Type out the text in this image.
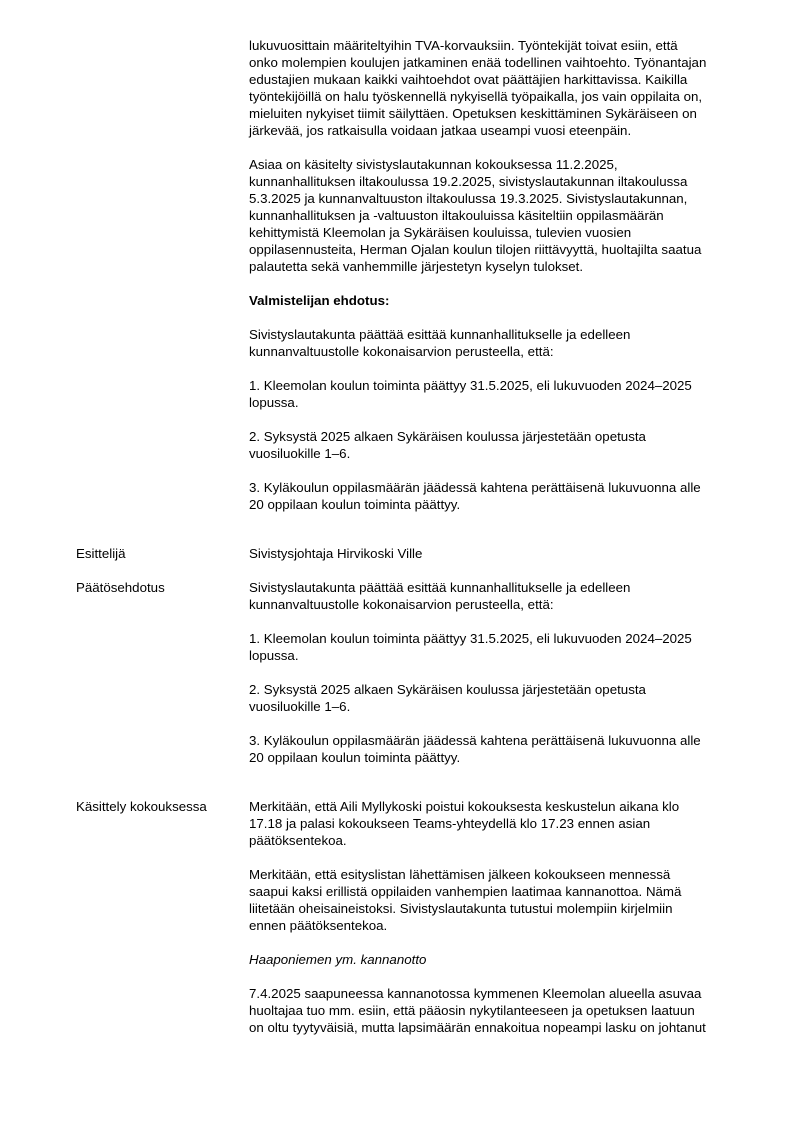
lukuvuosittain määriteltyihin TVA-korvauksiin. Työntekijät toivat esiin, että
onko molempien koulujen jatkaminen enää todellinen vaihtoehto. Työnantajan
edustajien mukaan kaikki vaihtoehdot ovat päättäjien harkittavissa. Kaikilla
työntekijöillä on halu työskennellä nykyisellä työpaikalla, jos vain oppilaita on,
mieluiten nykyiset tiimit säilyttäen. Opetuksen keskittäminen Sykäräiseen on
järkevää, jos ratkaisulla voidaan jatkaa useampi vuosi eteenpäin.
Asiaa on käsitelty sivistyslautakunnan kokouksessa 11.2.2025,
kunnanhallituksen iltakoulussa 19.2.2025, sivistyslautakunnan iltakoulussa
5.3.2025 ja kunnanvaltuuston iltakoulussa 19.3.2025. Sivistyslautakunnan,
kunnanhallituksen ja -valtuuston iltakouluissa käsiteltiin oppilasmäärän
kehittymistä Kleemolan ja Sykäräisen kouluissa, tulevien vuosien
oppilasennusteita, Herman Ojalan koulun tilojen riittävyyttä, huoltajilta saatua
palautetta sekä vanhemmille järjestetyn kyselyn tulokset.
Valmistelijan ehdotus:
Sivistyslautakunta päättää esittää kunnanhallitukselle ja edelleen
kunnanvaltuustolle kokonaisarvion perusteella, että:
1. Kleemolan koulun toiminta päättyy 31.5.2025, eli lukuvuoden 2024–2025
lopussa.
2. Syksystä 2025 alkaen Sykäräisen koulussa järjestetään opetusta
vuosiluokille 1–6.
3. Kyläkoulun oppilasmäärän jäädessä kahtena perättäisenä lukuvuonna alle
20 oppilaan koulun toiminta päättyy.
Esittelijä	Sivistysjohtaja Hirvikoski Ville
Päätösehdotus	Sivistyslautakunta päättää esittää kunnanhallitukselle ja edelleen
kunnanvaltuustolle kokonaisarvion perusteella, että:
1. Kleemolan koulun toiminta päättyy 31.5.2025, eli lukuvuoden 2024–2025
lopussa.
2. Syksystä 2025 alkaen Sykäräisen koulussa järjestetään opetusta
vuosiluokille 1–6.
3. Kyläkoulun oppilasmäärän jäädessä kahtena perättäisenä lukuvuonna alle
20 oppilaan koulun toiminta päättyy.
Käsittely kokouksessa	Merkitään, että Aili Myllykoski poistui kokouksesta keskustelun aikana klo
17.18 ja palasi kokoukseen Teams-yhteydellä klo 17.23 ennen asian
päätöksentekoa.
Merkitään, että esityslistan lähettämisen jälkeen kokoukseen mennessä
saapui kaksi erillistä oppilaiden vanhempien laatimaa kannanottoa. Nämä
liitetään oheisaineistoksi. Sivistyslautakunta tutustui molempiin kirjelmiin
ennen päätöksentekoa.
Haaponiemen ym. kannanotto
7.4.2025 saapuneessa kannanotossa kymmenen Kleemolan alueella asuvaa
huoltajaa tuo mm. esiin, että pääosin nykytilanteeseen ja opetuksen laatuun
on oltu tyytyväisiä, mutta lapsimäärän ennakoitua nopeampi lasku on johtanut
